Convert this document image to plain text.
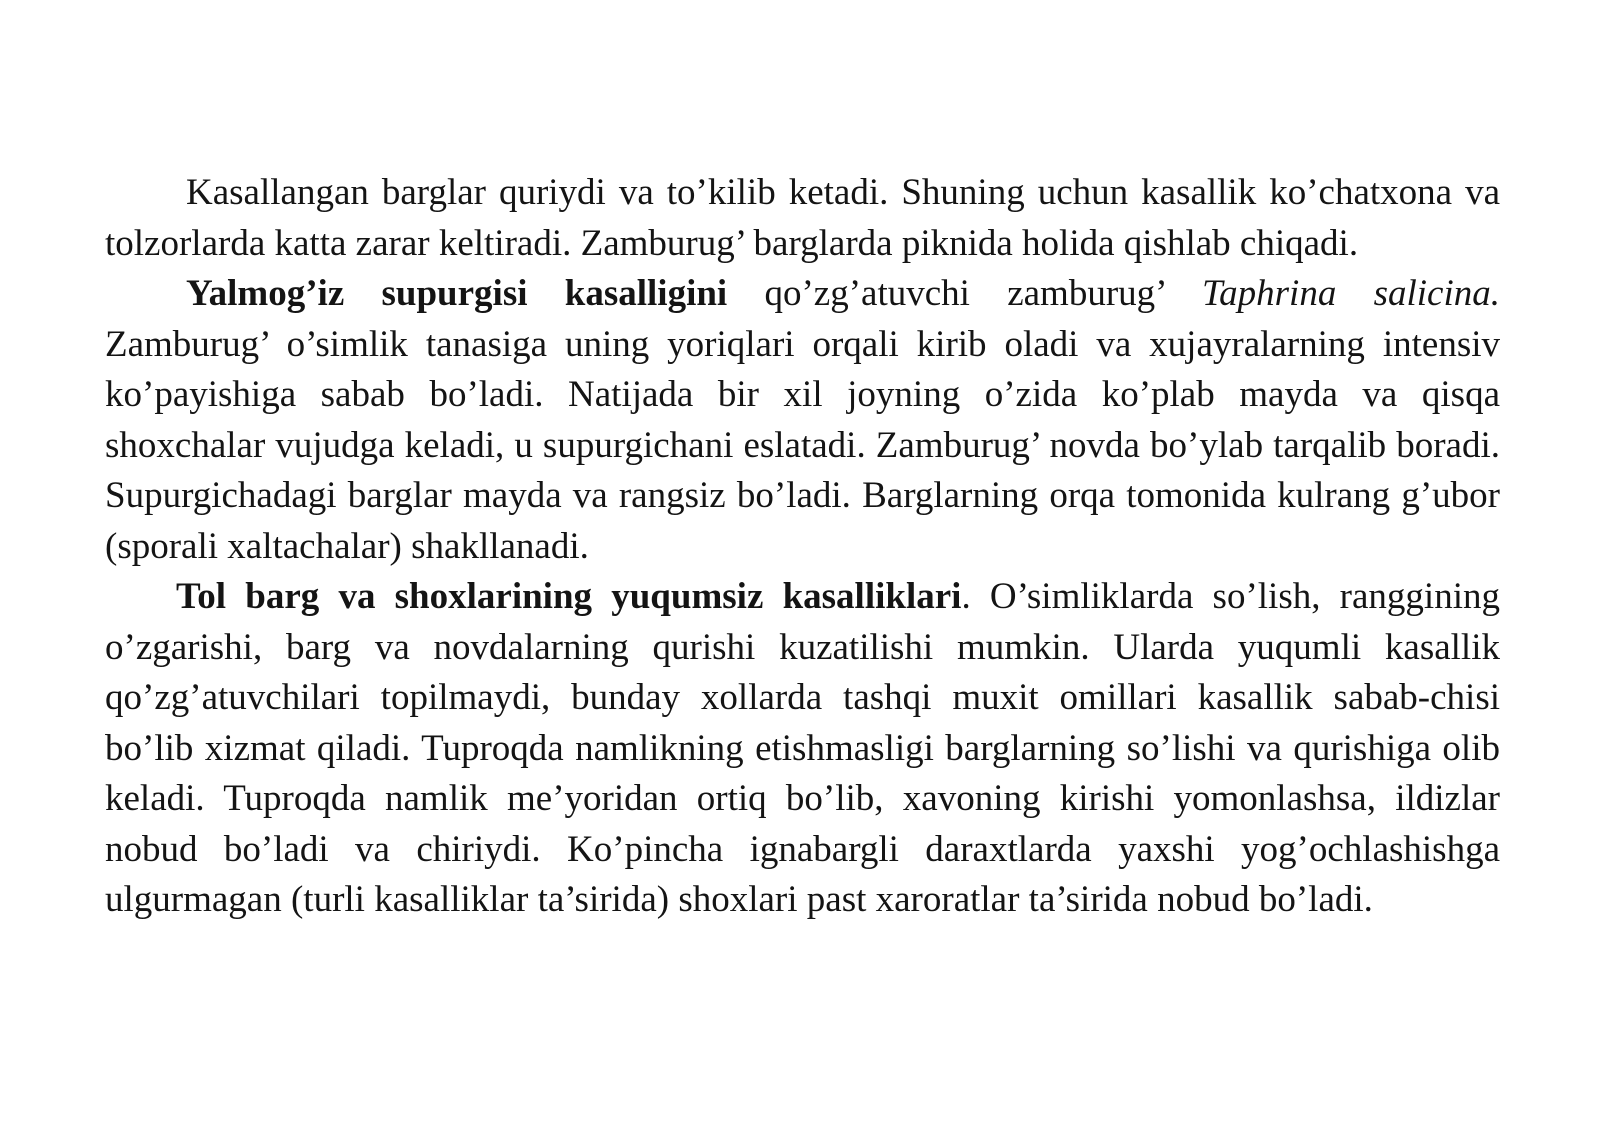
Kasallangan barglar quriydi va to’kilib ketadi. Shuning uchun kasallik ko’chatxona va tolzorlarda katta zarar keltiradi. Zamburug’ barglarda piknida holida qishlab chiqadi.

Yalmog’iz supurgisi kasalligini qo’zg’atuvchi zamburug’ Taphrina salicina. Zamburug’ o’simlik tanasiga uning yoriqlari orqali kirib oladi va xujayralarning intensiv ko’payishiga sabab bo’ladi. Natijada bir xil joyning o’zida ko’plab mayda va qisqa shoxchalar vujudga keladi, u supurgichani eslatadi. Zamburug’ novda bo’ylab tarqalib boradi. Supurgichadagi barglar mayda va rangsiz bo’ladi. Barglarning orqa tomonida kulrang g’ubor (sporali xaltachalar) shakllanadi.

Tol barg va shoxlarining yuqumsiz kasalliklari. O’simliklarda so’lish, ranggining o’zgarishi, barg va novdalarning qurishi kuzatilishi mumkin. Ularda yuqumli kasallik qo’zg’atuvchilari topilmaydi, bunday xollarda tashqi muxit omillari kasallik sabab-chisi bo’lib xizmat qiladi. Tuproqda namlikning etishmasligi barglarning so’lishi va qurishiga olib keladi. Tuproqda namlik me’yoridan ortiq bo’lib, xavoning kirishi yomonlashsa, ildizlar nobud bo’ladi va chiriydi. Ko’pincha ignabargli daraxtlarda yaxshi yog’ochlashishga ulgurmagan (turli kasalliklar ta’sirida) shoxlari past xaroratlar ta’sirida nobud bo’ladi.
